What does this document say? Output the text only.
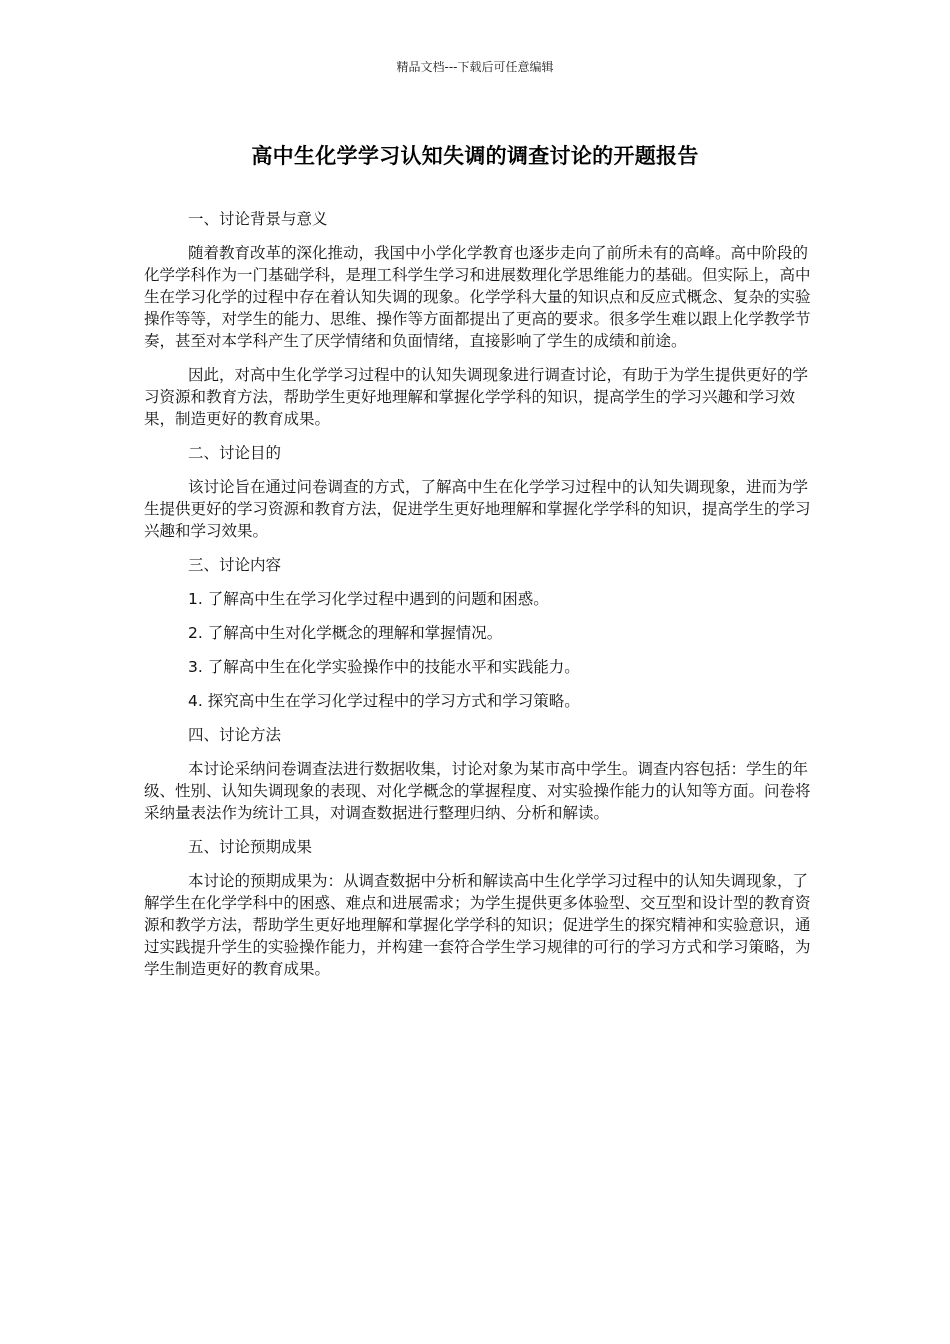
精品文档---下载后可任意编辑
高中生化学学习认知失调的调查讨论的开题报告

一、讨论背景与意义

随着教育改革的深化推动，我国中小学化学教育也逐步走向了前所未有的高峰。高中阶段的化学学科作为一门基础学科，是理工科学生学习和进展数理化学思维能力的基础。但实际上，高中生在学习化学的过程中存在着认知失调的现象。化学学科大量的知识点和反应式概念、复杂的实验操作等等，对学生的能力、思维、操作等方面都提出了更高的要求。很多学生难以跟上化学教学节奏，甚至对本学科产生了厌学情绪和负面情绪，直接影响了学生的成绩和前途。

因此，对高中生化学学习过程中的认知失调现象进行调查讨论，有助于为学生提供更好的学习资源和教育方法，帮助学生更好地理解和掌握化学学科的知识，提高学生的学习兴趣和学习效果，制造更好的教育成果。

二、讨论目的

该讨论旨在通过问卷调查的方式，了解高中生在化学学习过程中的认知失调现象，进而为学生提供更好的学习资源和教育方法，促进学生更好地理解和掌握化学学科的知识，提高学生的学习兴趣和学习效果。

三、讨论内容

1. 了解高中生在学习化学过程中遇到的问题和困惑。

2. 了解高中生对化学概念的理解和掌握情况。

3. 了解高中生在化学实验操作中的技能水平和实践能力。

4. 探究高中生在学习化学过程中的学习方式和学习策略。

四、讨论方法

本讨论采纳问卷调查法进行数据收集，讨论对象为某市高中学生。调查内容包括：学生的年级、性别、认知失调现象的表现、对化学概念的掌握程度、对实验操作能力的认知等方面。问卷将采纳量表法作为统计工具，对调查数据进行整理归纳、分析和解读。

五、讨论预期成果

本讨论的预期成果为：从调查数据中分析和解读高中生化学学习过程中的认知失调现象，了解学生在化学学科中的困惑、难点和进展需求；为学生提供更多体验型、交互型和设计型的教育资源和教学方法，帮助学生更好地理解和掌握化学学科的知识；促进学生的探究精神和实验意识，通过实践提升学生的实验操作能力，并构建一套符合学生学习规律的可行的学习方式和学习策略，为学生制造更好的教育成果。
